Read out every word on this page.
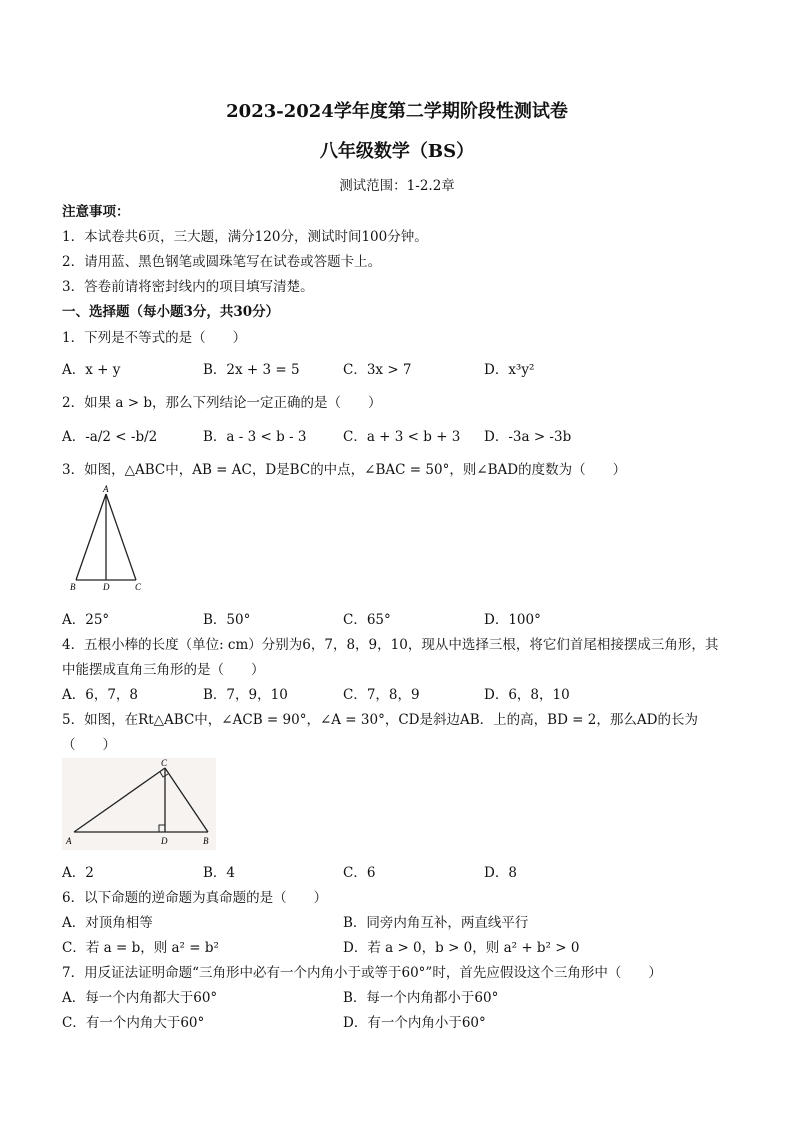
2023-2024学年度第二学期阶段性测试卷
八年级数学（BS）
测试范围：1-2.2章
注意事项：
1．本试卷共6页，三大题，满分120分，测试时间100分钟。
2．请用蓝、黑色钢笔或圆珠笔写在试卷或答题卡上。
3．答卷前请将密封线内的项目填写清楚。
一、选择题（每小题3分，共30分）
1．下列是不等式的是（　　）
A．x + y	B．2x + 3 = 5	C．3x > 7	D．x³y²
2．如果 a > b，那么下列结论一定正确的是（　　）
A．-a/2 < -b/2	B．a - 3 < b - 3	C．a + 3 < b + 3 D．-3a > -3b
3．如图，△ABC中，AB = AC，D是BC的中点，∠BAC = 50°，则∠BAD的度数为（　　）
A
B	D	C
A．25°	B．50°	C．65°	D．100°
4．五根小棒的长度（单位: cm）分别为6，7，8，9，10，现从中选择三根，将它们首尾相接摆成三角形，其
中能摆成直角三角形的是（　　）
A．6，7，8	B．7，9，10	C．7，8，9	D．6，8，10
5．如图，在Rt△ABC中，∠ACB = 90°，∠A = 30°，CD是斜边AB．上的高，BD = 2，那么AD的长为
（　　）
C
A	D	B
A．2	B．4	C．6	D．8
6．以下命题的逆命题为真命题的是（　　）
A．对顶角相等	B．同旁内角互补，两直线平行
C．若 a = b，则 a² = b²	D．若 a > 0，b > 0，则 a² + b² > 0
7．用反证法证明命题“三角形中必有一个内角小于或等于60°”时，首先应假设这个三角形中（　　）
A．每一个内角都大于60°	B．每一个内角都小于60°
C．有一个内角大于60°	D．有一个内角小于60°
